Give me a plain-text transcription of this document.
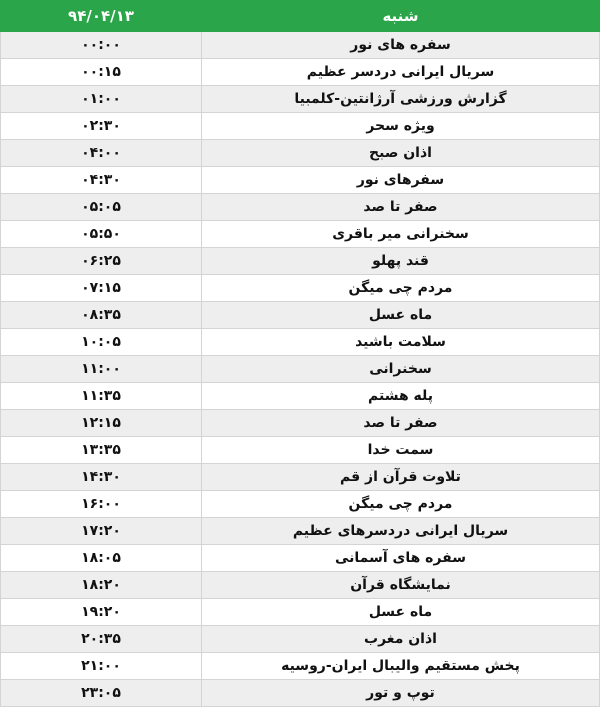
۹۴/۰۴/۱۳	شنبه
۰۰:۰۰	سفره های نور
۰۰:۱۵	سریال ایرانی دردسر عظیم
۰۱:۰۰	گزارش ورزشی آرژانتین-کلمبیا
۰۲:۳۰	ویژه سحر
۰۴:۰۰	اذان صبح
۰۴:۳۰	سفرهای نور
۰۵:۰۵	صفر تا صد
۰۵:۵۰	سخنرانی میر باقری
۰۶:۲۵	قند پهلو
۰۷:۱۵	مردم چی میگن
۰۸:۳۵	ماه عسل
۱۰:۰۵	سلامت باشید
۱۱:۰۰	سخنرانی
۱۱:۳۵	پله هشتم
۱۲:۱۵	صفر تا صد
۱۳:۳۵	سمت خدا
۱۴:۳۰	تلاوت قرآن از قم
۱۶:۰۰	مردم چی میگن
۱۷:۲۰	سریال ایرانی دردسرهای عظیم
۱۸:۰۵	سفره های آسمانی
۱۸:۲۰	نمایشگاه قرآن
۱۹:۲۰	ماه عسل
۲۰:۳۵	اذان مغرب
۲۱:۰۰	پخش مستقیم والیبال ایران-روسیه
۲۳:۰۵	توپ و تور
